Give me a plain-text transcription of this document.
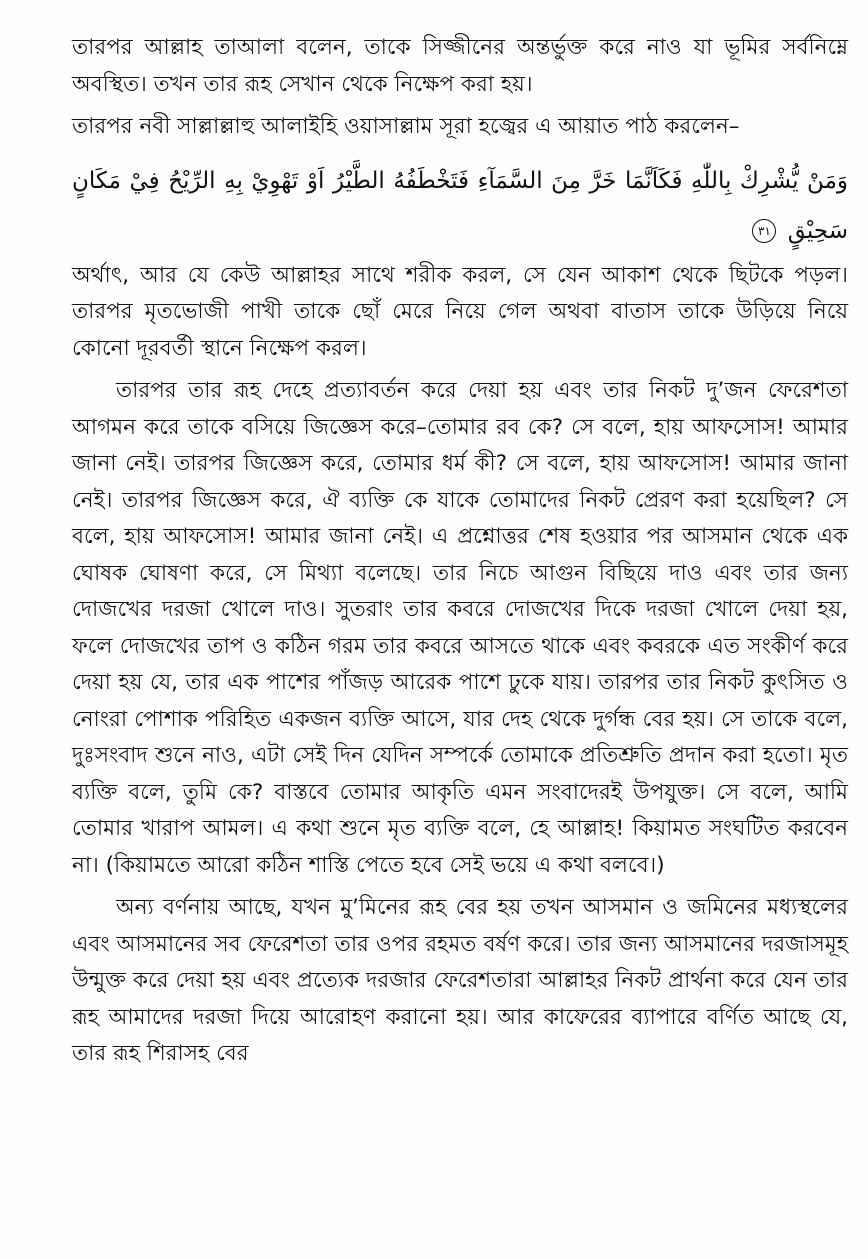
তারপর আল্লাহ তাআলা বলেন, তাকে সিজ্জীনের অন্তর্ভুক্ত করে নাও যা ভূমির সর্বনিম্নে অবস্থিত। তখন তার রূহ সেখান থেকে নিক্ষেপ করা হয়।

তারপর নবী সাল্লাল্লাহু আলাইহি ওয়াসাল্লাম সূরা হজ্বের এ আয়াত পাঠ করলেন–

وَمَنْ يُّشْرِكْ بِاللّٰهِ فَكَاَنَّمَا خَرَّ مِنَ السَّمَآءِ فَتَخْطَفُهُ الطَّيْرُ اَوْ تَهْوِيْ بِهِ الرِّيْحُ فِيْ مَكَانٍ سَحِيْقٍ ٣١

অর্থাৎ, আর যে কেউ আল্লাহর সাথে শরীক করল, সে যেন আকাশ থেকে ছিটকে পড়ল। তারপর মৃতভোজী পাখী তাকে ছোঁ মেরে নিয়ে গেল অথবা বাতাস তাকে উড়িয়ে নিয়ে কোনো দূরবর্তী স্থানে নিক্ষেপ করল।

তারপর তার রূহ দেহে প্রত্যাবর্তন করে দেয়া হয় এবং তার নিকট দু’জন ফেরেশতা আগমন করে তাকে বসিয়ে জিজ্ঞেস করে–তোমার রব কে? সে বলে, হায় আফসোস! আমার জানা নেই। তারপর জিজ্ঞেস করে, তোমার ধর্ম কী? সে বলে, হায় আফসোস! আমার জানা নেই। তারপর জিজ্ঞেস করে, ঐ ব্যক্তি কে যাকে তোমাদের নিকট প্রেরণ করা হয়েছিল? সে বলে, হায় আফসোস! আমার জানা নেই। এ প্রশ্নোত্তর শেষ হওয়ার পর আসমান থেকে এক ঘোষক ঘোষণা করে, সে মিথ্যা বলেছে। তার নিচে আগুন বিছিয়ে দাও এবং তার জন্য দোজখের দরজা খোলে দাও। সুতরাং তার কবরে দোজখের দিকে দরজা খোলে দেয়া হয়, ফলে দোজখের তাপ ও কঠিন গরম তার কবরে আসতে থাকে এবং কবরকে এত সংকীর্ণ করে দেয়া হয় যে, তার এক পাশের পাঁজড় আরেক পাশে ঢুকে যায়। তারপর তার নিকট কুৎসিত ও নোংরা পোশাক পরিহিত একজন ব্যক্তি আসে, যার দেহ থেকে দুর্গন্ধ বের হয়। সে তাকে বলে, দুঃসংবাদ শুনে নাও, এটা সেই দিন যেদিন সম্পর্কে তোমাকে প্রতিশ্রুতি প্রদান করা হতো। মৃত ব্যক্তি বলে, তুমি কে? বাস্তবে তোমার আকৃতি এমন সংবাদেরই উপযুক্ত। সে বলে, আমি তোমার খারাপ আমল। এ কথা শুনে মৃত ব্যক্তি বলে, হে আল্লাহ! কিয়ামত সংঘটিত করবেন না। (কিয়ামতে আরো কঠিন শাস্তি পেতে হবে সেই ভয়ে এ কথা বলবে।)

অন্য বর্ণনায় আছে, যখন মু’মিনের রূহ বের হয় তখন আসমান ও জমিনের মধ্যস্থলের এবং আসমানের সব ফেরেশতা তার ওপর রহমত বর্ষণ করে। তার জন্য আসমানের দরজাসমূহ উন্মুক্ত করে দেয়া হয় এবং প্রত্যেক দরজার ফেরেশতারা আল্লাহর নিকট প্রার্থনা করে যেন তার রূহ আমাদের দরজা দিয়ে আরোহণ করানো হয়। আর কাফেরের ব্যাপারে বর্ণিত আছে যে, তার রূহ শিরাসহ বের
